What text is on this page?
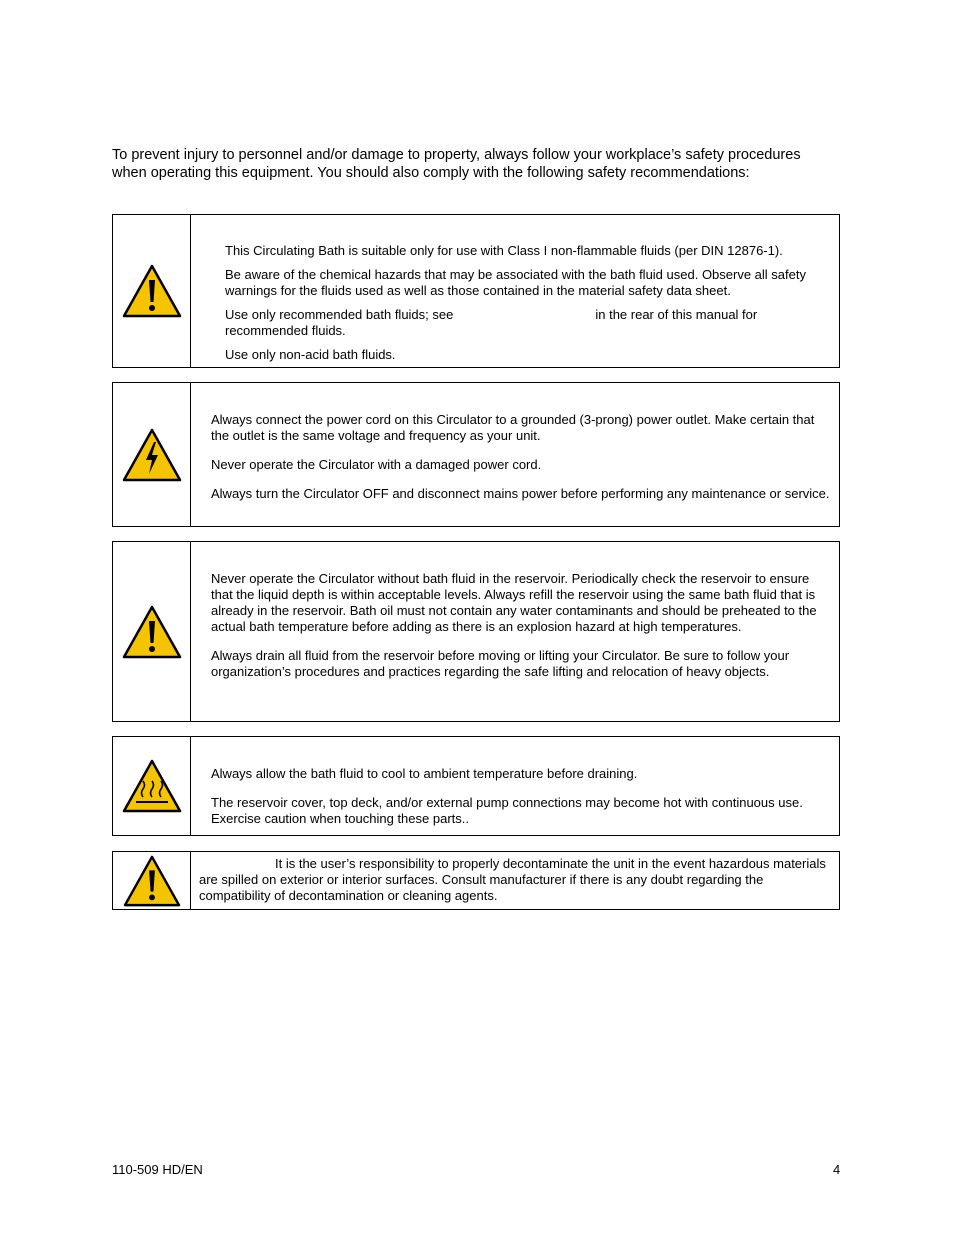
To prevent injury to personnel and/or damage to property, always follow your workplace’s safety procedures when operating this equipment. You should also comply with the following safety recommendations:

This Circulating Bath is suitable only for use with Class I non-flammable fluids (per DIN 12876-1).

Be aware of the chemical hazards that may be associated with the bath fluid used. Observe all safety warnings for the fluids used as well as those contained in the material safety data sheet.

Use only recommended bath fluids; see	in the rear of this manual for recommended fluids.

Use only non-acid bath fluids.

Always connect the power cord on this Circulator to a grounded (3-prong) power outlet. Make certain that the outlet is the same voltage and frequency as your unit.

Never operate the Circulator with a damaged power cord.

Always turn the Circulator OFF and disconnect mains power before performing any maintenance or service.

Never operate the Circulator without bath fluid in the reservoir. Periodically check the reservoir to ensure that the liquid depth is within acceptable levels. Always refill the reservoir using the same bath fluid that is already in the reservoir. Bath oil must not contain any water contaminants and should be preheated to the actual bath temperature before adding as there is an explosion hazard at high temperatures.

Always drain all fluid from the reservoir before moving or lifting your Circulator. Be sure to follow your organization’s procedures and practices regarding the safe lifting and relocation of heavy objects.

Always allow the bath fluid to cool to ambient temperature before draining.

The reservoir cover, top deck, and/or external pump connections may become hot with continuous use. Exercise caution when touching these parts..

It is the user’s responsibility to properly decontaminate the unit in the event hazardous materials are spilled on exterior or interior surfaces. Consult manufacturer if there is any doubt regarding the compatibility of decontamination or cleaning agents.

110-509 HD/EN	4
